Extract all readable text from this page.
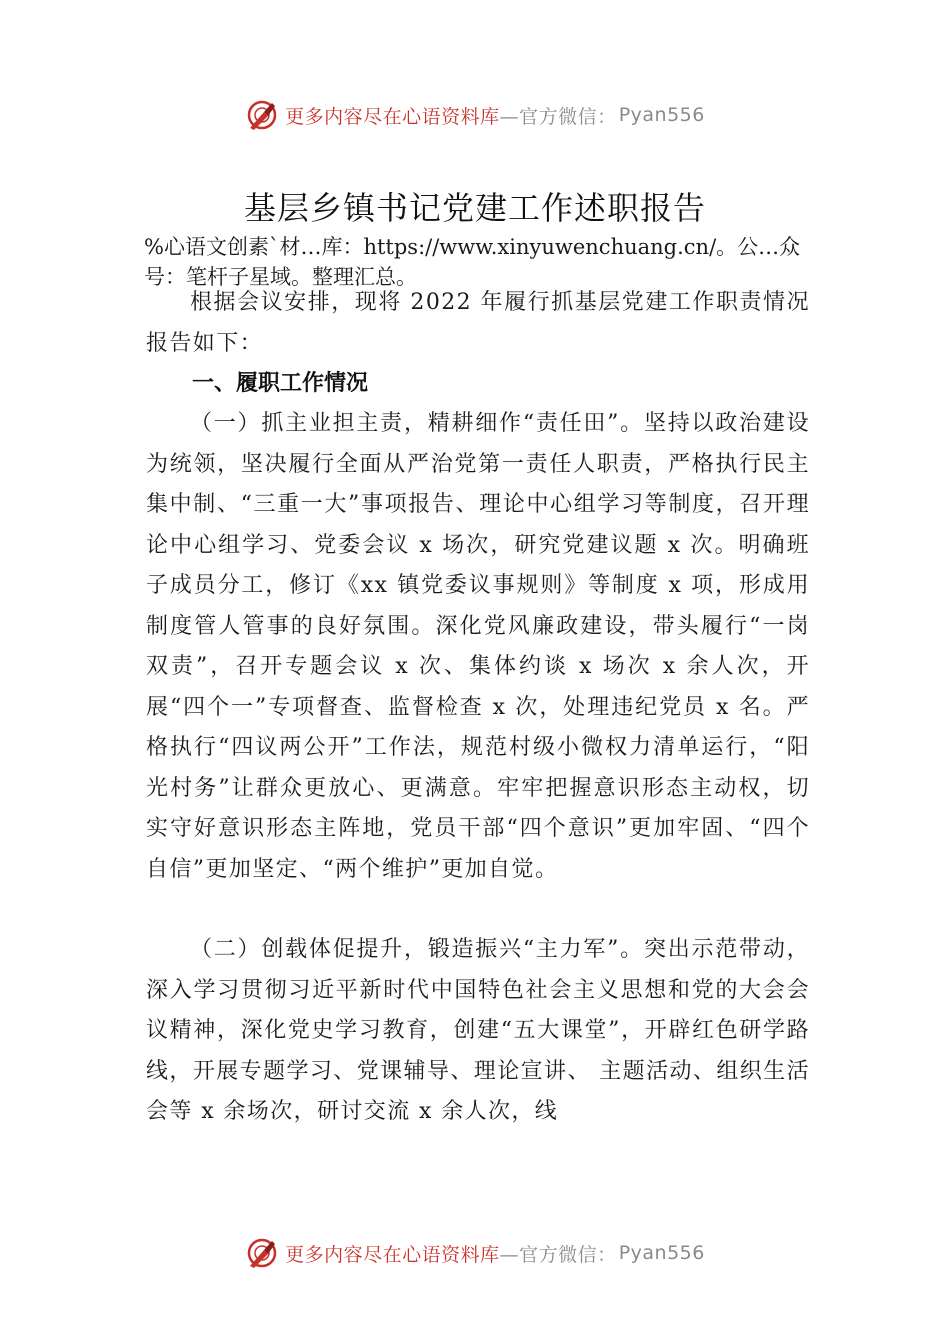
更多内容尽在心语资料库 —官方微信： Pyan556
基层乡镇书记党建工作述职报告
%心语文创素`材…库：https://www.xinyuwenchuang.cn/。公…众号：笔杆子星域。整理汇总。

根据会议安排，现将 2022 年履行抓基层党建工作职责情况报告如下：

一、履职工作情况

（一）抓主业担主责，精耕细作“责任田”。坚持以政治建设为统领，坚决履行全面从严治党第一责任人职责，严格执行民主集中制、“三重一大”事项报告、理论中心组学习等制度，召开理论中心组学习、党委会议 x 场次，研究党建议题 x 次。明确班子成员分工，修订《xx 镇党委议事规则》等制度 x 项，形成用制度管人管事的良好氛围。深化党风廉政建设，带头履行“一岗双责”，召开专题会议 x 次、集体约谈 x 场次 x 余人次，开展“四个一”专项督查、监督检查 x 次，处理违纪党员 x 名。严格执行“四议两公开”工作法，规范村级小微权力清单运行，“阳光村务”让群众更放心、更满意。牢牢把握意识形态主动权，切实守好意识形态主阵地，党员干部“四个意识”更加牢固、“四个自信”更加坚定、“两个维护”更加自觉。

（二）创载体促提升，锻造振兴“主力军”。突出示范带动，深入学习贯彻习近平新时代中国特色社会主义思想和党的大会会议精神，深化党史学习教育，创建“五大课堂”，开辟红色研学路线，开展专题学习、党课辅导、理论宣讲、 主题活动、组织生活会等 x 余场次，研讨交流 x 余人次，线

更多内容尽在心语资料库 —官方微信： Pyan556
